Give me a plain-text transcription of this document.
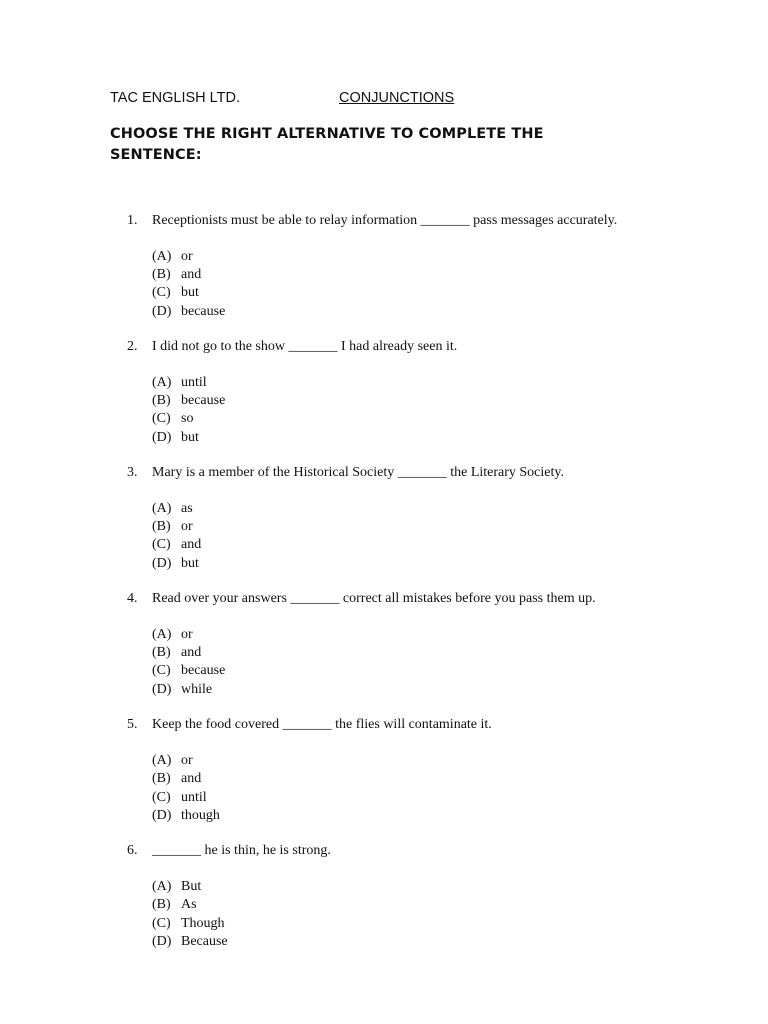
TAC ENGLISH LTD.	CONJUNCTIONS
CHOOSE THE RIGHT ALTERNATIVE TO COMPLETE THE SENTENCE:
1.	Receptionists must be able to relay information _______ pass messages accurately.
(A) or
(B) and
(C) but
(D) because
2.	I did not go to the show _______ I had already seen it.
(A) until
(B) because
(C) so
(D) but
3.	Mary is a member of the Historical Society _______ the Literary Society.
(A) as
(B) or
(C) and
(D) but
4.	Read over your answers _______ correct all mistakes before you pass them up.
(A) or
(B) and
(C) because
(D) while
5.	Keep the food covered _______ the flies will contaminate it.
(A) or
(B) and
(C) until
(D) though
6.	_______ he is thin, he is strong.
(A) But
(B) As
(C) Though
(D) Because
